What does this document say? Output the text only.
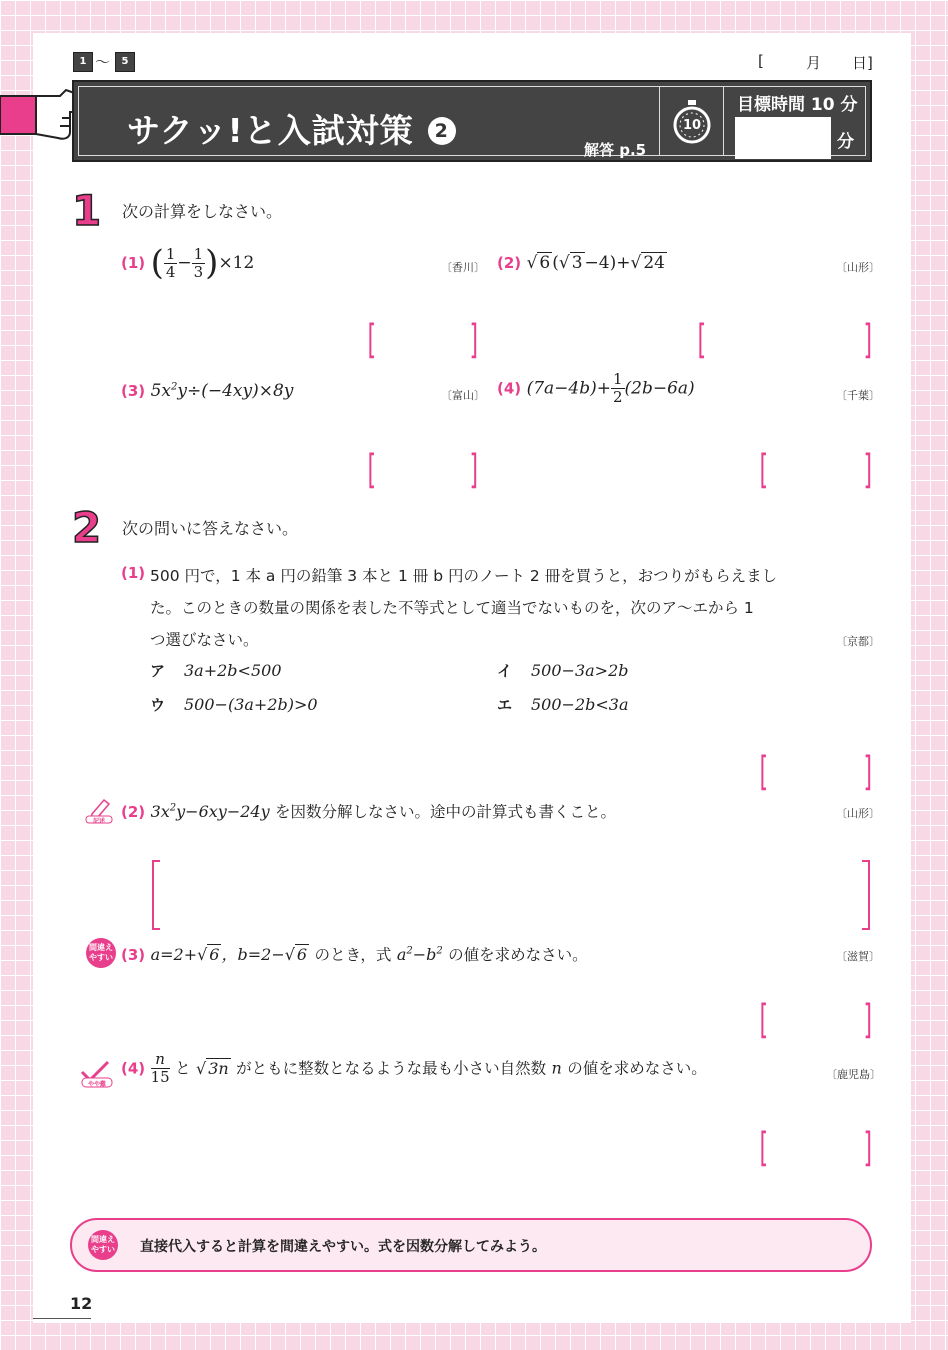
1 〜	5	[	月 日]
サクッ!と入試対策 2
解答 p.5
10
目標時間 10 分
分
1 次の計算をしなさい。
(1) ( $\frac{1}{4} - \frac{1}{3} )\times 12$	〔香川〕 (2) √ 6 (√ 3 −4)+√ 24	〔山形〕
[ ]	[	]
(3) $5x^2y\div(-4xy)\times 8y$	〔富山〕 (4) $(7a-4b)+ \frac{1}{2} (2b-6a)$	〔千葉〕
[ ]	[ ]
2 次の問いに答えなさい。
(1) 500 円で，1 本 a 円の鉛筆 3 本と 1 冊 b 円のノート 2 冊を買うと，おつりがもらえまし
た。このときの数量の関係を表した不等式として適当でないものを，次のア〜エから 1
つ選びなさい。	〔京都〕
ア 3a+2b<500	イ 500−3a>2b
ウ 500−(3a+2b)>0	エ 500−2b<3a
[ ]
記述
(2) $3x^2y-6xy-24y$ を因数分解しなさい。途中の計算式も書くこと。	〔山形〕
間違えやすい (3) a=2+√ 6 ，b=2−√ 6 のとき，式 $a^2-b^2$ の値を求めなさい。	〔滋賀〕
[ ]
やや難
$(4) \frac{n}{15}$ と √ 3n がともに整数となるような最も小さい自然数 n の値を求めなさい。	〔鹿児島〕
[ ]
間違えやすい 直接代入すると計算を間違えやすい。式を因数分解してみよう。
12
